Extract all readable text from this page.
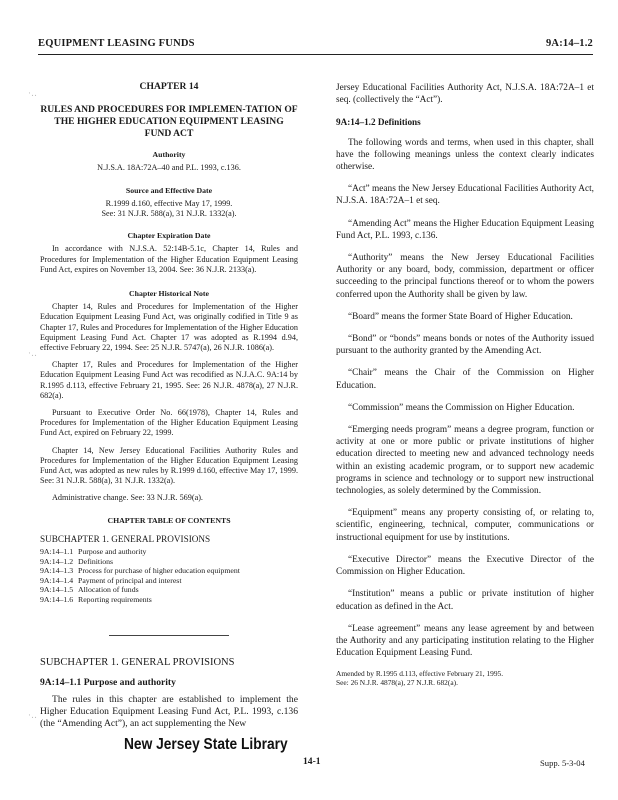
EQUIPMENT LEASING FUNDS	9A:14–1.2
·‥
·‥
·‥

CHAPTER 14

RULES AND PROCEDURES FOR IMPLEMEN-TATION OF THE HIGHER EDUCATION EQUIPMENT LEASING FUND ACT

Authority

N.J.S.A. 18A:72A–40 and P.L. 1993, c.136.

Source and Effective Date
R.1999 d.160, effective May 17, 1999.

See: 31 N.J.R. 588(a), 31 N.J.R. 1332(a).

Chapter Expiration Date

In accordance with N.J.S.A. 52:14B-5.1c, Chapter 14, Rules and Procedures for Implementation of the Higher Education Equipment Leasing Fund Act, expires on November 13, 2004. See: 36 N.J.R. 2133(a).

Chapter Historical Note

Chapter 14, Rules and Procedures for Implementation of the Higher Education Equipment Leasing Fund Act, was originally codified in Title 9 as Chapter 17, Rules and Procedures for Implementation of the Higher Education Equipment Leasing Fund Act. Chapter 17 was adopted as R.1994 d.94, effective February 22, 1994. See: 25 N.J.R. 5747(a), 26 N.J.R. 1086(a).

Chapter 17, Rules and Procedures for Implementation of the Higher Education Equipment Leasing Fund Act was recodified as N.J.A.C. 9A:14 by R.1995 d.113, effective February 21, 1995. See: 26 N.J.R. 4878(a), 27 N.J.R. 682(a).

Pursuant to Executive Order No. 66(1978), Chapter 14, Rules and Procedures for Implementation of the Higher Education Equipment Leasing Fund Act, expired on February 22, 1999.

Chapter 14, New Jersey Educational Facilities Authority Rules and Procedures for Implementation of the Higher Education Equipment Leasing Fund Act, was adopted as new rules by R.1999 d.160, effective May 17, 1999. See: 31 N.J.R. 588(a), 31 N.J.R. 1332(a).

Administrative change. See: 33 N.J.R. 569(a).

CHAPTER TABLE OF CONTENTS
SUBCHAPTER 1. GENERAL PROVISIONS
9A:14–1.1 Purpose and authority
9A:14–1.2 Definitions
9A:14–1.3 Process for purchase of higher education equipment
9A:14–1.4 Payment of principal and interest
9A:14–1.5 Allocation of funds
9A:14–1.6 Reporting requirements
SUBCHAPTER 1. GENERAL PROVISIONS
9A:14–1.1 Purpose and authority

The rules in this chapter are established to implement the Higher Education Equipment Leasing Fund Act, P.L. 1993, c.136 (the “Amending Act”), an act supplementing the New

Jersey Educational Facilities Authority Act, N.J.S.A. 18A:72A–1 et seq. (collectively the “Act”).

9A:14–1.2 Definitions

The following words and terms, when used in this chapter, shall have the following meanings unless the context clearly indicates otherwise.

“Act” means the New Jersey Educational Facilities Authority Act, N.J.S.A. 18A:72A–1 et seq.

“Amending Act” means the Higher Education Equipment Leasing Fund Act, P.L. 1993, c.136.

“Authority” means the New Jersey Educational Facilities Authority or any board, body, commission, department or officer succeeding to the principal functions thereof or to whom the powers conferred upon the Authority shall be given by law.

“Board” means the former State Board of Higher Education.

“Bond” or “bonds” means bonds or notes of the Authority issued pursuant to the authority granted by the Amending Act.

“Chair” means the Chair of the Commission on Higher Education.

“Commission” means the Commission on Higher Education.

“Emerging needs program” means a degree program, function or activity at one or more public or private institutions of higher education directed to meeting new and advanced technology needs within an existing academic program, or to support new academic programs in science and technology or to support new instructional technologies, as solely determined by the Commission.

“Equipment” means any property consisting of, or relating to, scientific, engineering, technical, computer, communications or instructional equipment for use by institutions.

“Executive Director” means the Executive Director of the Commission on Higher Education.

“Institution” means a public or private institution of higher education as defined in the Act.

“Lease agreement” means any lease agreement by and between the Authority and any participating institution relating to the Higher Education Equipment Leasing Fund.

Amended by R.1995 d.113, effective February 21, 1995.
See: 26 N.J.R. 4878(a), 27 N.J.R. 682(a).
New Jersey State Library
14-1	Supp. 5-3-04
